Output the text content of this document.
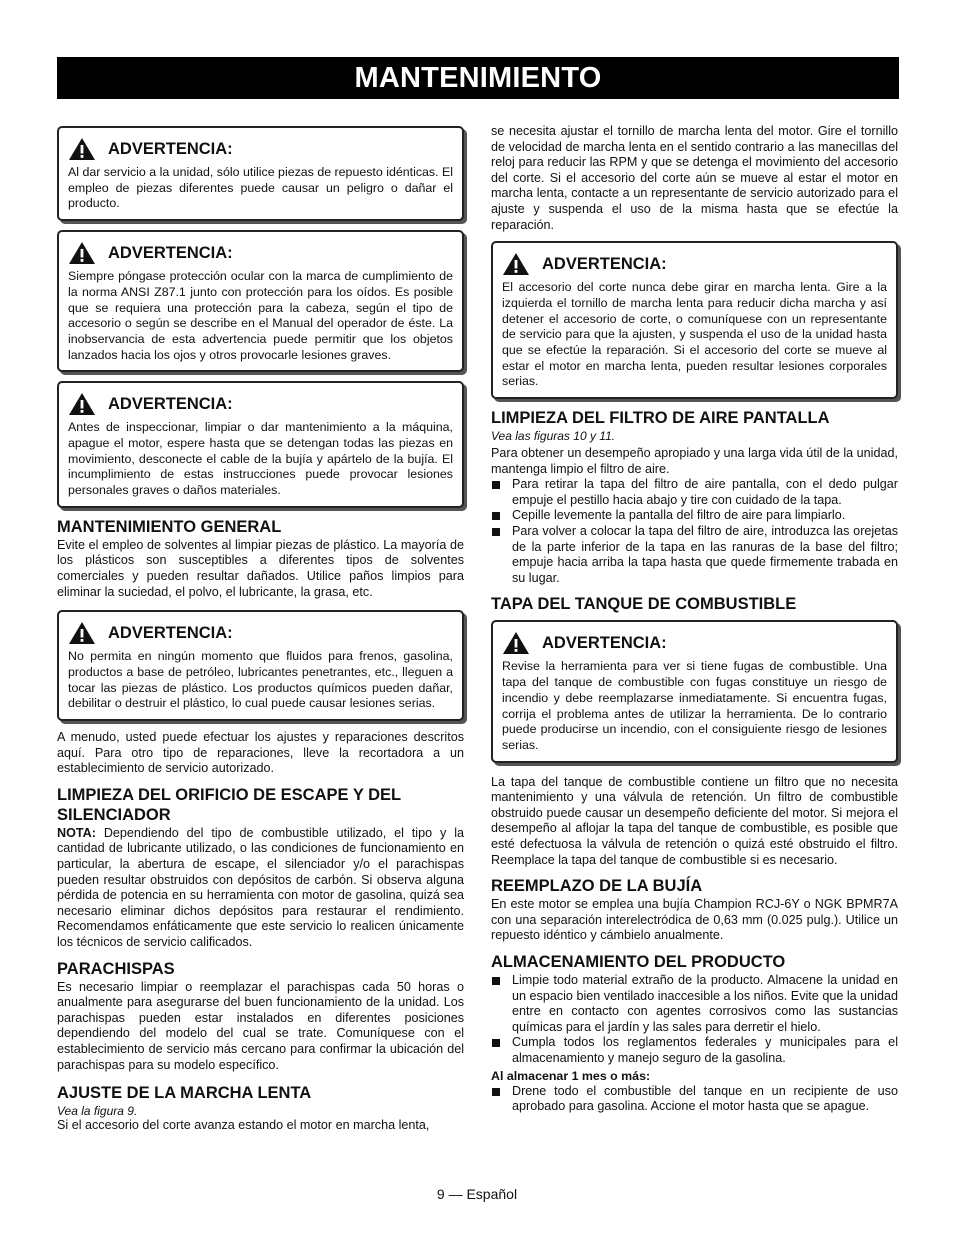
MANTENIMIENTO
ADVERTENCIA:

Al dar servicio a la unidad, sólo utilice piezas de repuesto idénticas. El empleo de piezas diferentes puede causar un peligro o dañar el producto.

ADVERTENCIA:

Siempre póngase protección ocular con la marca de cumplimiento de la norma ANSI Z87.1 junto con protección para los oídos. Es posible que se requiera una protección para la cabeza, según el tipo de accesorio o según se describe en el Manual del operador de éste. La inobservancia de esta advertencia puede permitir que los objetos lanzados hacia los ojos y otros provocarle lesiones graves.

ADVERTENCIA:

Antes de inspeccionar, limpiar o dar mantenimiento a la máquina, apague el motor, espere hasta que se detengan todas las piezas en movimiento, desconecte el cable de la bujía y apártelo de la bujía. El incumplimiento de estas instrucciones puede provocar lesiones personales graves o daños materiales.

MANTENIMIENTO GENERAL

Evite el empleo de solventes al limpiar piezas de plástico. La mayoría de los plásticos son susceptibles a diferentes tipos de solventes comerciales y pueden resultar dañados. Utilice paños limpios para eliminar la suciedad, el polvo, el lubricante, la grasa, etc.

ADVERTENCIA:

No permita en ningún momento que fluidos para frenos, gasolina, productos a base de petróleo, lubricantes penetrantes, etc., lleguen a tocar las piezas de plástico. Los productos químicos pueden dañar, debilitar o destruir el plástico, lo cual puede causar lesiones serias.

A menudo, usted puede efectuar los ajustes y reparaciones descritos aquí. Para otro tipo de reparaciones, lleve la recortadora a un establecimiento de servicio autorizado.

LIMPIEZA DEL ORIFICIO DE ESCAPE Y DEL SILENCIADOR

NOTA: Dependiendo del tipo de combustible utilizado, el tipo y la cantidad de lubricante utilizado, o las condiciones de funcionamiento en particular, la abertura de escape, el silenciador y/o el parachispas pueden resultar obstruidos con depósitos de carbón. Si observa alguna pérdida de potencia en su herramienta con motor de gasolina, quizá sea necesario eliminar dichos depósitos para restaurar el rendimiento. Recomendamos enfáticamente que este servicio lo realicen únicamente los técnicos de servicio calificados.

PARACHISPAS

Es necesario limpiar o reemplazar el parachispas cada 50 horas o anualmente para asegurarse del buen funcionamiento de la unidad. Los parachispas pueden estar instalados en diferentes posiciones dependiendo del modelo del cual se trate. Comuníquese con el establecimiento de servicio más cercano para confirmar la ubicación del parachispas para su modelo específico.

AJUSTE DE LA MARCHA LENTA
Vea la figura 9.

Si el accesorio del corte avanza estando el motor en marcha lenta,

se necesita ajustar el tornillo de marcha lenta del motor. Gire el tornillo de velocidad de marcha lenta en el sentido contrario a las manecillas del reloj para reducir las RPM y que se detenga el movimiento del accesorio del corte. Si el accesorio del corte aún se mueve al estar el motor en marcha lenta, contacte a un representante de servicio autorizado para el ajuste y suspenda el uso de la misma hasta que se efectúe la reparación.

ADVERTENCIA:

El accesorio del corte nunca debe girar en marcha lenta. Gire a la izquierda el tornillo de marcha lenta para reducir dicha marcha y así detener el accesorio de corte, o comuníquese con un representante de servicio para que la ajusten, y suspenda el uso de la unidad hasta que se efectúe la reparación. Si el accesorio del corte se mueve al estar el motor en marcha lenta, pueden resultar lesiones corporales serias.

LIMPIEZA DEL FILTRO DE AIRE PANTALLA
Vea las figuras 10 y 11.

Para obtener un desempeño apropiado y una larga vida útil de la unidad, mantenga limpio el filtro de aire.

Para retirar la tapa del filtro de aire pantalla, con el dedo pulgar empuje el pestillo hacia abajo y tire con cuidado de la tapa.
Cepille levemente la pantalla del filtro de aire para limpiarlo.
Para volver a colocar la tapa del filtro de aire, introduzca las orejetas de la parte inferior de la tapa en las ranuras de la base del filtro; empuje hacia arriba la tapa hasta que quede firmemente trabada en su lugar.
TAPA DEL TANQUE DE COMBUSTIBLE
ADVERTENCIA:

Revise la herramienta para ver si tiene fugas de combustible. Una tapa del tanque de combustible con fugas constituye un riesgo de incendio y debe reemplazarse inmediatamente. Si encuentra fugas, corrija el problema antes de utilizar la herramienta. De lo contrario puede producirse un incendio, con el consiguiente riesgo de lesiones serias.

La tapa del tanque de combustible contiene un filtro que no necesita mantenimiento y una válvula de retención. Un filtro de combustible obstruido puede causar un desempeño deficiente del motor. Si mejora el desempeño al aflojar la tapa del tanque de combustible, es posible que esté defectuosa la válvula de retención o quizá esté obstruido el filtro. Reemplace la tapa del tanque de combustible si es necesario.

REEMPLAZO DE LA BUJÍA

En este motor se emplea una bujía Champion RCJ-6Y o NGK BPMR7A con una separación interelectródica de 0,63 mm (0.025 pulg.). Utilice un repuesto idéntico y cámbielo anualmente.

ALMACENAMIENTO DEL PRODUCTO
Limpie todo material extraño de la producto. Almacene la unidad en un espacio bien ventilado inaccesible a los niños. Evite que la unidad entre en contacto con agentes corrosivos como las sustancias químicas para el jardín y las sales para derretir el hielo.
Cumpla todos los reglamentos federales y municipales para el almacenamiento y manejo seguro de la gasolina.
Al almacenar 1 mes o más:
Drene todo el combustible del tanque en un recipiente de uso aprobado para gasolina. Accione el motor hasta que se apague.
9 — Español
